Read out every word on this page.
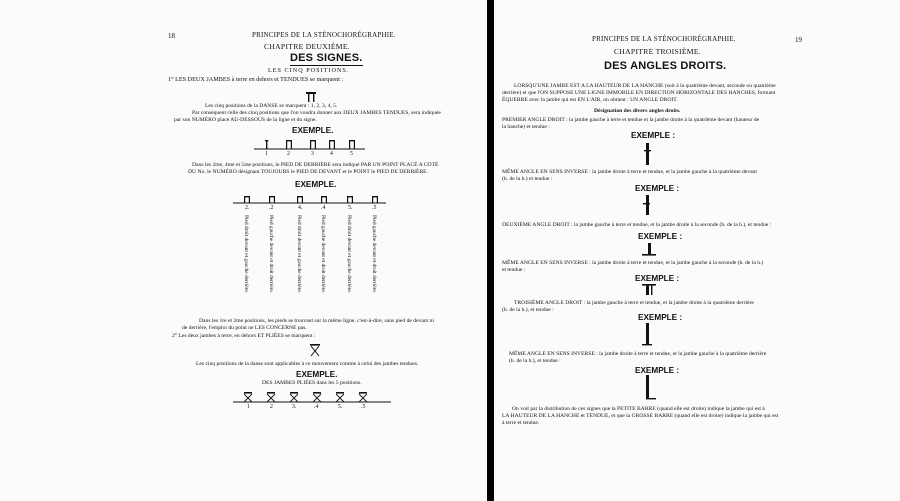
18	PRINCIPES DE LA STÉNOCHORÉGRAPHIE.
CHAPITRE DEUXIÈME.
DES SIGNES.
LES CINQ POSITIONS.
1° LES DEUX JAMBES à terre en dehors et TENDUES se marquent :
Les cinq positions de la DANSE se marquent : 1, 2, 3, 4, 5.
Par conséquent celle des cinq positions que l'on voudra donner aux DEUX JAMBES TENDUES, sera indiquée
par son NUMÉRO placé AU-DESSOUS de la ligne et du signe.
EXEMPLE.
1	2	3	4	5
Dans les 2me, 4me et 5me positions, le PIED DE DERRIÈRE sera indiqué PAR UN POINT PLACÉ A COTÉ
DU No, le NUMÉRO désignant TOUJOURS le PIED DE DEVANT et le POINT le PIED DE DERRIÈRE.
EXEMPLE.
2.	.2	4.	.4	5.	.5
Pied droit devant et gauche derrière.	Pied gauche devant et droit derrière.	Pied droit devant et gauche derrière.	Pied gauche devant et droit derrière.	Pied droit devant et gauche derrière.	Pied gauche devant et droit derrière.
Dans les 1re et 2me positions, les pieds se trouvant sur la même ligne, c'est-à-dire, sans pied de devant ni
de derrière, l'emploi du point ne LES CONCERNE pas.
2° Les deux jambes à terre, en dehors ET PLIÉES se marquent :
Les cinq positions de la danse sont applicables à ce mouvement comme à celui des jambes tendues.
EXEMPLE.
DES JAMBES PLIÉES dans les 5 positions.
1	2	3.	.4	5.	.5
PRINCIPES DE LA STÉNOCHORÉGRAPHIE.	19
CHAPITRE TROISIÈME.
DES ANGLES DROITS.
LORSQU'UNE JAMBE EST A LA HAUTEUR DE LA HANCHE (soit à la quatrième devant, seconde ou quatrième
derrière) et que l'ON SUPPOSE UNE LIGNE IMMOBILE EN DIRECTION HORIZONTALE DES HANCHES, formant
ÉQUERRE avec la jambe qui est EN L'AIR, on obtient : UN ANGLE DROIT.
Désignation des divers angles droits.
PREMIER ANGLE DROIT : la jambe gauche à terre et tendue et la jambe droite à la quatrième devant (hauteur de
la hanche) et tendue :
EXEMPLE :
MÊME ANGLE EN SENS INVERSE : la jambe droite à terre et tendue, et la jambe gauche à la quatrième devant
(h. de la h.) et tendue :
EXEMPLE :
DEUXIÈME ANGLE DROIT : la jambe gauche à terre et tendue, et la jambe droite à la seconde (h. de la h.), et tendue :
EXEMPLE :
MÊME ANGLE EN SENS INVERSE : la jambe droite à terre et tendue, et la jambe gauche à la seconde (h. de la h.)
et tendue :
EXEMPLE :
TROISIÈME ANGLE DROIT : la jambe gauche à terre et tendue, et la jambe droite à la quatrième derrière
(h. de la h.), et tendue :
EXEMPLE :
MÊME ANGLE EN SENS INVERSE : la jambe droite à terre et tendue, et la jambe gauche à la quatrième derrière
(h. de la h.), et tendue :
EXEMPLE :
On voit par la distribution de ces signes que la PETITE BARRE (quand elle est droite) indique la jambe qui est à
LA HAUTEUR DE LA HANCHE et TENDUE, et que la GROSSE BARRE (quand elle est droite) indique la jambe qui est
à terre et tendue.
